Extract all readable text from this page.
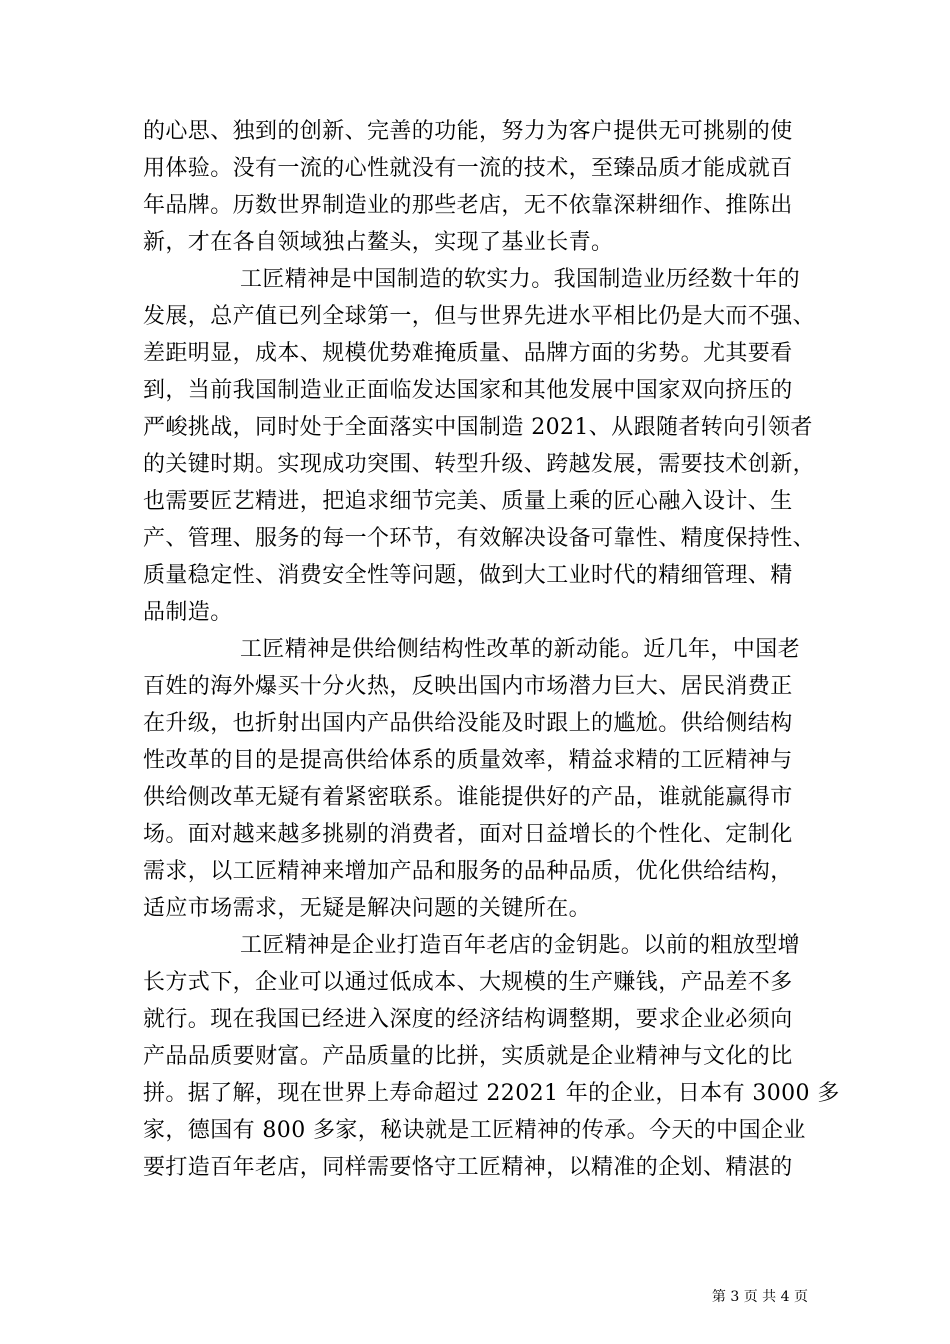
的心思、独到的创新、完善的功能，努力为客户提供无可挑剔的使
用体验。没有一流的心性就没有一流的技术，至臻品质才能成就百
年品牌。历数世界制造业的那些老店，无不依靠深耕细作、推陈出
新，才在各自领域独占鳌头，实现了基业长青。
工匠精神是中国制造的软实力。我国制造业历经数十年的
发展，总产值已列全球第一，但与世界先进水平相比仍是大而不强、
差距明显，成本、规模优势难掩质量、品牌方面的劣势。尤其要看
到，当前我国制造业正面临发达国家和其他发展中国家双向挤压的
严峻挑战，同时处于全面落实中国制造 2021、从跟随者转向引领者
的关键时期。实现成功突围、转型升级、跨越发展，需要技术创新，
也需要匠艺精进，把追求细节完美、质量上乘的匠心融入设计、生
产、管理、服务的每一个环节，有效解决设备可靠性、精度保持性、
质量稳定性、消费安全性等问题，做到大工业时代的精细管理、精
品制造。
工匠精神是供给侧结构性改革的新动能。近几年，中国老
百姓的海外爆买十分火热，反映出国内市场潜力巨大、居民消费正
在升级，也折射出国内产品供给没能及时跟上的尴尬。供给侧结构
性改革的目的是提高供给体系的质量效率，精益求精的工匠精神与
供给侧改革无疑有着紧密联系。谁能提供好的产品，谁就能赢得市
场。面对越来越多挑剔的消费者，面对日益增长的个性化、定制化
需求，以工匠精神来增加产品和服务的品种品质，优化供给结构，
适应市场需求，无疑是解决问题的关键所在。
工匠精神是企业打造百年老店的金钥匙。以前的粗放型增
长方式下，企业可以通过低成本、大规模的生产赚钱，产品差不多
就行。现在我国已经进入深度的经济结构调整期，要求企业必须向
产品品质要财富。产品质量的比拼，实质就是企业精神与文化的比
拼。据了解，现在世界上寿命超过 22021 年的企业，日本有 3000 多
家，德国有 800 多家，秘诀就是工匠精神的传承。今天的中国企业
要打造百年老店，同样需要恪守工匠精神，以精准的企划、精湛的
第 3 页 共 4 页
